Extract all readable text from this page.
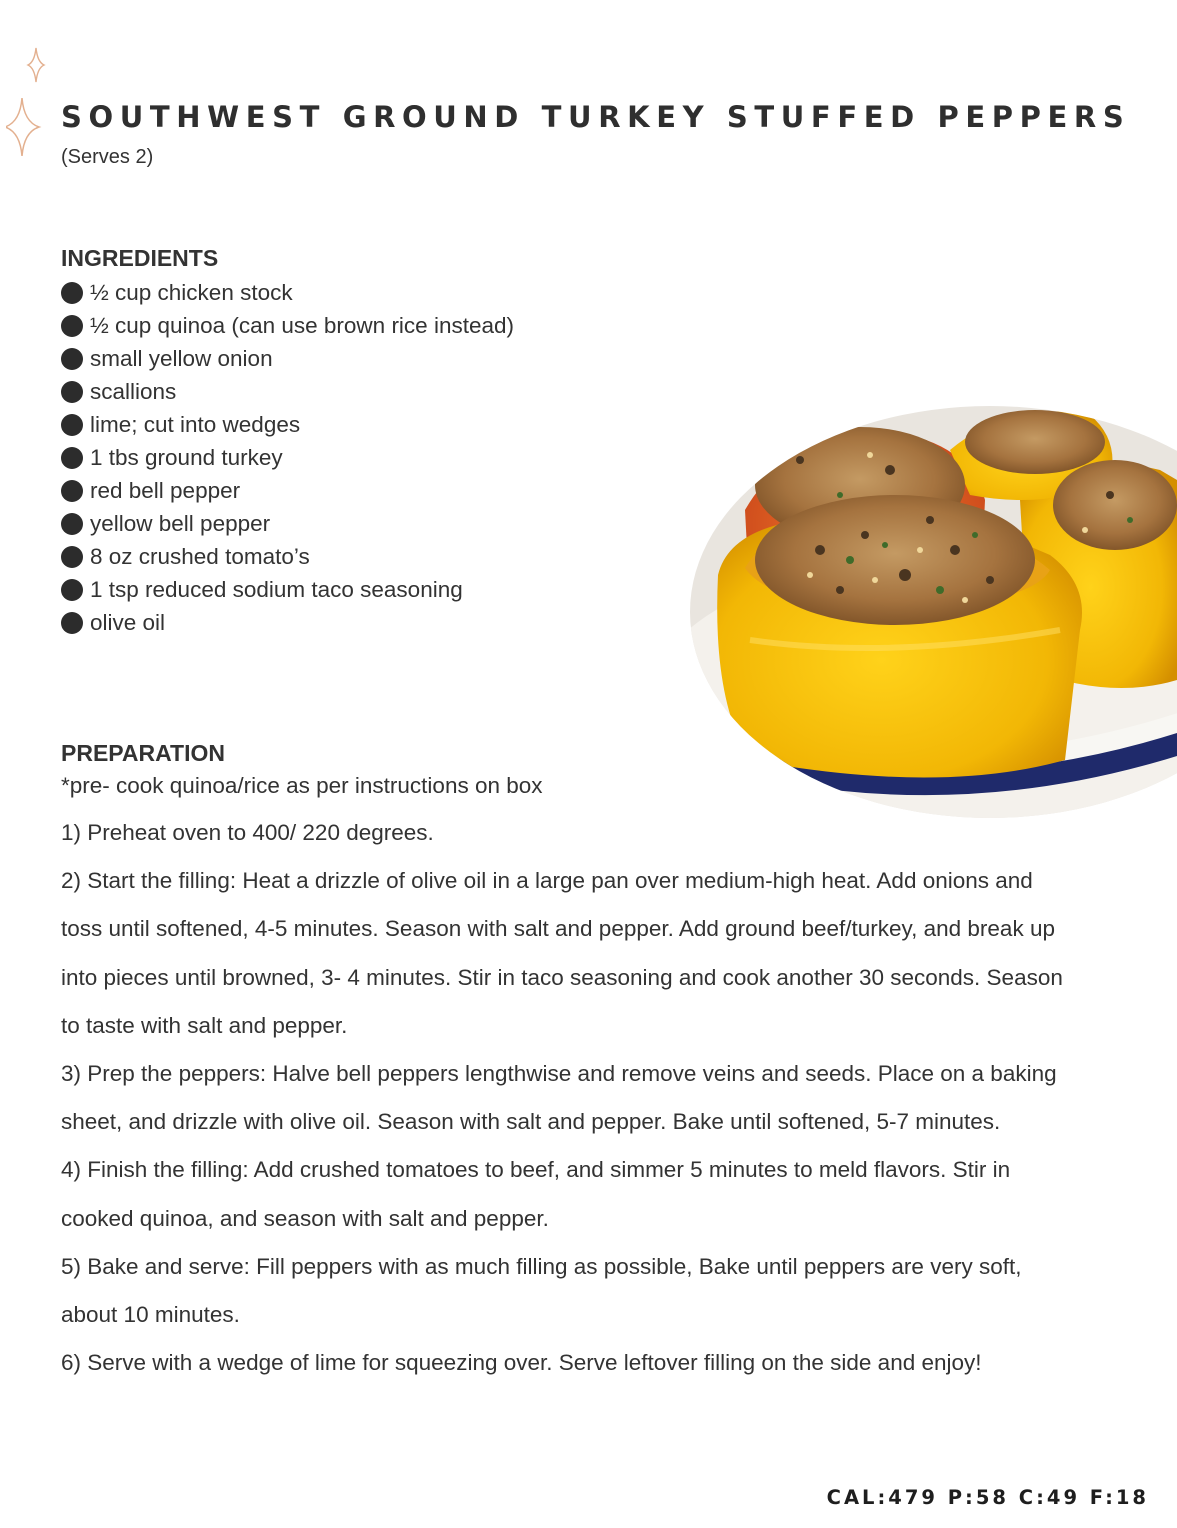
SOUTHWEST GROUND TURKEY STUFFED PEPPERS
(Serves 2)
INGREDIENTS
½ cup chicken stock
½ cup quinoa (can use brown rice instead)
small yellow onion
scallions
lime; cut into wedges
1 tbs ground turkey
red bell pepper
yellow bell pepper
8 oz crushed tomato’s
1 tsp reduced sodium taco seasoning
olive oil
PREPARATION
*pre- cook quinoa/rice as per instructions on box

1) Preheat oven to 400/ 220 degrees.

2) Start the filling: Heat a drizzle of olive oil in a large pan over medium-high heat. Add onions and toss until softened, 4-5 minutes. Season with salt and pepper. Add ground beef/turkey, and break up into pieces until browned, 3- 4 minutes. Stir in taco seasoning and cook another 30 seconds. Season to taste with salt and pepper.

3) Prep the peppers: Halve bell peppers lengthwise and remove veins and seeds. Place on a baking sheet, and drizzle with olive oil. Season with salt and pepper. Bake until softened, 5-7 minutes.

4) Finish the filling: Add crushed tomatoes to beef, and simmer 5 minutes to meld flavors. Stir in cooked quinoa, and season with salt and pepper.

5) Bake and serve: Fill peppers with as much filling as possible, Bake until peppers are very soft, about 10 minutes.

6) Serve with a wedge of lime for squeezing over. Serve leftover filling on the side and enjoy!

CAL:479 P:58 C:49 F:18
